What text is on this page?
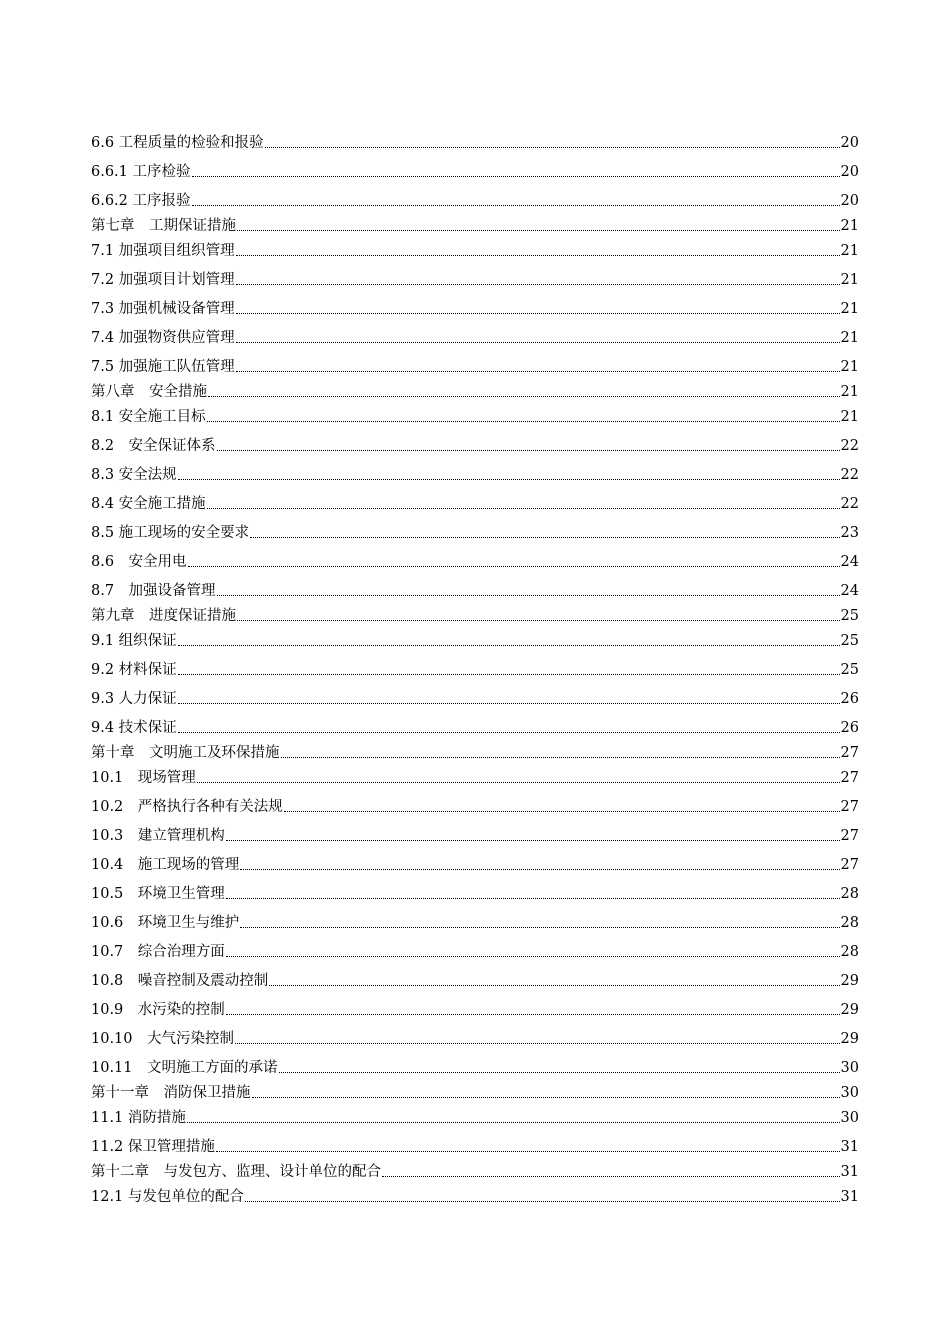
6.6 工程质量的检验和报验	20
6.6.1 工序检验	20
6.6.2 工序报验	20
第七章　工期保证措施	21
7.1 加强项目组织管理	21
7.2 加强项目计划管理	21
7.3 加强机械设备管理	21
7.4 加强物资供应管理	21
7.5 加强施工队伍管理	21
第八章　安全措施	21
8.1 安全施工目标	21
8.2　安全保证体系	22
8.3 安全法规	22
8.4 安全施工措施	22
8.5 施工现场的安全要求	23
8.6　安全用电	24
8.7　加强设备管理	24
第九章　进度保证措施	25
9.1 组织保证	25
9.2 材料保证	25
9.3 人力保证	26
9.4 技术保证	26
第十章　文明施工及环保措施	27
10.1　现场管理	27
10.2　严格执行各种有关法规	27
10.3　建立管理机构	27
10.4　施工现场的管理	27
10.5　环境卫生管理	28
10.6　环境卫生与维护	28
10.7　综合治理方面	28
10.8　噪音控制及震动控制	29
10.9　水污染的控制	29
10.10　大气污染控制	29
10.11　文明施工方面的承诺	30
第十一章　消防保卫措施	30
11.1 消防措施	30
11.2 保卫管理措施	31
第十二章　与发包方、监理、设计单位的配合	31
12.1 与发包单位的配合	31
